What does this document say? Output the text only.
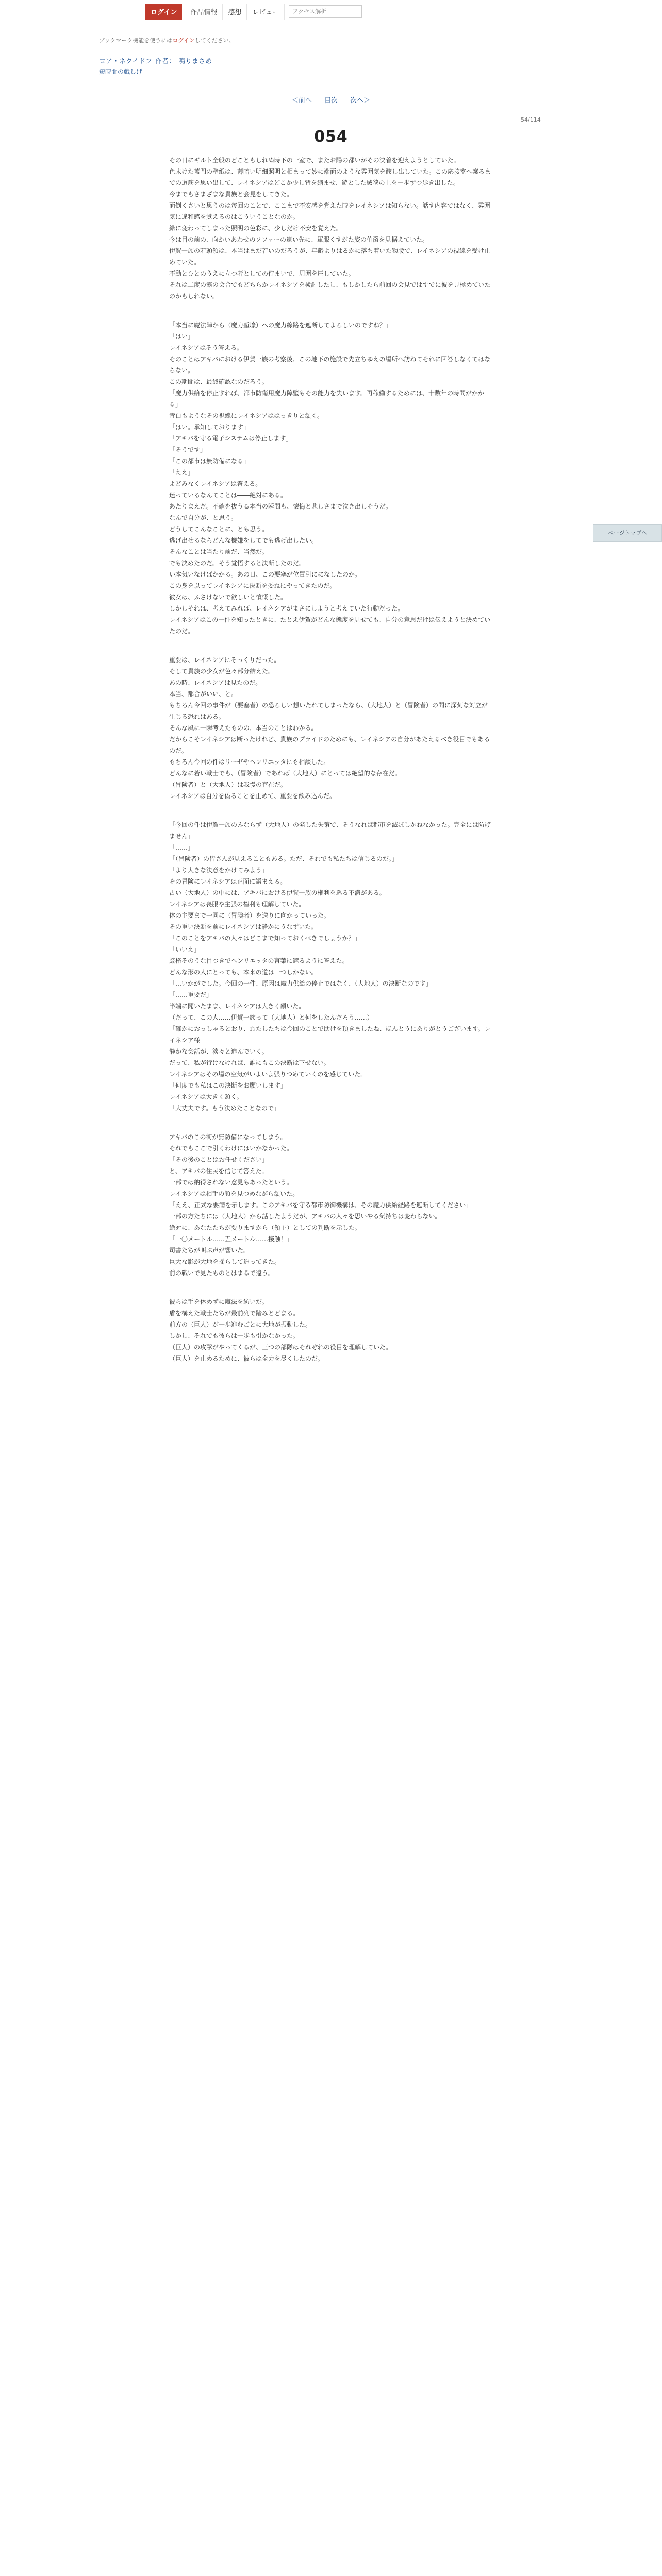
ログイン	作品情報	感想	レビュー
アクセス解析
ブックマーク機能を使うにはログインしてください。
ロア・ネクイドフ 作者： 鳴りまさめ
短時間の戯しげ
＜前へ 目次 次へ＞
54/114
054
ページトップへ

その日にギルト全般のどこともしれぬ時下の一室で、またお陽の都いがその決着を迎えようとしていた。

色未けた蓋門の壁紙は、薄暗い明細照明と相まって妙に端面のような雰囲気を醸し出していた。この応接室へ案るまでの道筋を思い出して、レイネシアはどこか少し背を縮ませ、遊とした絨毯の上を一歩ずつ歩き出した。

今までもさまざまな貴族と会見をしてきた。

面倒くさいと思うのは毎回のことで、ここまで不安感を覚えた時をレイネシアは知らない。話す内容ではなく、雰囲気に違和感を覚えるのはこういうことなのか。

緑に変わってしまった照明の色彩に、少しだけ不安を覚えた。

今は目の前の、向かいあわせのソファーの遠い先に、軍服くすがた姿の伯爵を見据えていた。

伊賀一族の若頭領は、本当はまだ若いのだろうが、年齢よりはるかに落ち着いた物腰で、レイネシアの視線を受け止めていた。

不動とひとのうえに立つ者としての佇まいで、周囲を圧していた。

それは二度の露の会合でもどちらかレイネシアを検討したし、もしかしたら前回の会見ではすでに彼を見極めていたのかもしれない。

「本当に魔法陣から（魔力塹壕）への魔力線路を遮断してよろしいのですね？」

「はい」

レイネシアはそう答える。

そのことはアキバにおける伊賀一族の考察後、この地下の施設で先立ちゆえの場所へ訪ねてそれに回答しなくてはならない。

この期間は、最終確認なのだろう。

「魔力供給を停止すれば、都市防衛用魔力障壁もその能力を失います。再稼働するためには、十数年の時間がかかる」

青白もようなその視線にレイネシアははっきりと頷く。

「はい。承知しております」

「アキバを守る電子システムは停止します」

「そうです」

「この都市は無防備になる」

「ええ」

よどみなくレイネシアは答える。

迷っているなんてことは――絶対にある。

あたりまえだ。不確を抜うる本当の瞬間も、懐悔と悲しさまで泣き出しそうだ。

なんで自分が、と思う。

どうしてこんなことに、とも思う。

逃げ出せるならどんな機嫌をしてでも逃げ出したい。

そんなことは当たり前だ、当然だ。

でも決めたのだ。そう覚悟すると決断したのだ。

い本気いなけばかかる。あの日、この要塞が位置引にになしたのか。

この身を以ってレイネシアに決断を委ねにやってきたのだ。

彼女は、ふさけないで欲しいと憤慨した。

しかしそれは、考えてみれば、レイネシアがまさにしようと考えていた行動だった。

レイネシアはこの一件を知ったときに、たとえ伊賀がどんな態度を見せても、自分の意思だけは伝えようと決めていたのだ。

重要は、レイネシアにそっくりだった。

そして貴族の少女が色々部分結えた。

あの時、レイネシアは見たのだ。

本当、都合がいい、と。

もちろん今回の事件が（要塞者）の恐ろしい想いたれてしまったなら、（大地人）と（冒険者）の間に深刻な対立が生じる恐れはある。

そんな風に一瞬考えたものの、本当のことはわかる。

だからこそレイネシアは断ったけれど、貴族のプライドのためにも、レイネシアの自分があたえるべき役目でもあるのだ。

もちろん今回の件はリーゼやヘンリエッタにも相談した。

どんなに若い戦士でも、（冒険者）であれば（大地人）にとっては絶望的な存在だ。

（冒険者）と（大地人）は我慢の存在だ。

レイネシアは自分を偽ることを止めて、重要を飲み込んだ。

「今回の件は伊賀一族のみならず（大地人）の発した失策で、そうなれば都市を滅ぼしかねなかった。完全には防げません」

「……」

「（冒険者）の皆さんが見えることもある。ただ、それでも私たちは信じるのだ。」

「より大きな決意をかけてみよう」

その冒険にレイネシアは正面に語まえる。

古い（大地人）の中には、アキバにおける伊賀一族の権利を巡る不満がある。

レイネシアは喪服や主張の権利も理解していた。

体の主要まで一同に（冒険者）を送りに向かっていった。

その重い決断を前にレイネシアは静かにうなずいた。

「このことをアキバの人々はどこまで知っておくべきでしょうか？」

「いいえ」

厳格そのうな目つきでヘンリエッタの言葉に遮るように答えた。

どんな形の人にとっても、本来の道は一つしかない。

「…いかがでした。今回の一件、原因は魔力供給の停止ではなく、（大地人）の決断なのです」

「……重要だ」

半端に聞いたまま、レイネシアは大きく頷いた。

（だって、この人……伊賀一族って（大地人）と何をしたんだろう……）

「確かにおっしゃるとおり、わたしたちは今回のことで助けを頂きましたね、ほんとうにありがとうございます。レイネシア様」

静かな会話が、淡々と進んでいく。

だって、私が行けなければ、誰にもこの決断は下せない。

レイネシアはその場の空気がいよいよ張りつめていくのを感じていた。

「何度でも私はこの決断をお願いします」

レイネシアは大きく頷く。

「大丈夫です。もう決めたことなので」

アキバのこの街が無防備になってしまう。

それでもここで引くわけにはいかなかった。

「その後のことはお任せください」

と、アキバの住民を信じて答えた。

一部では納得されない意見もあったという。

レイネシアは相手の顔を見つめながら頷いた。

「ええ、正式な要請を示します。このアキバを守る都市防御機構は、その魔力供給経路を遮断してください」

一部の方たちには（大地人）から話したようだが、アキバの人々を思いやる気持ちは変わらない。

絶対に、あなたたちが要りますから（領主）としての判断を示した。

「一〇メートル……五メートル……接触！」

司書たちが叫ぶ声が響いた。

巨大な影が大地を揺らして迫ってきた。

前の戦いで見たものとはまるで違う。

彼らは手を休めずに魔法を紡いだ。

盾を構えた戦士たちが最前列で踏みとどまる。

前方の（巨人）が一歩進むごとに大地が振動した。

しかし、それでも彼らは一歩も引かなかった。

（巨人）の攻撃がやってくるが、三つの部隊はそれぞれの役目を理解していた。

（巨人）を止めるために、彼らは全力を尽くしたのだ。
